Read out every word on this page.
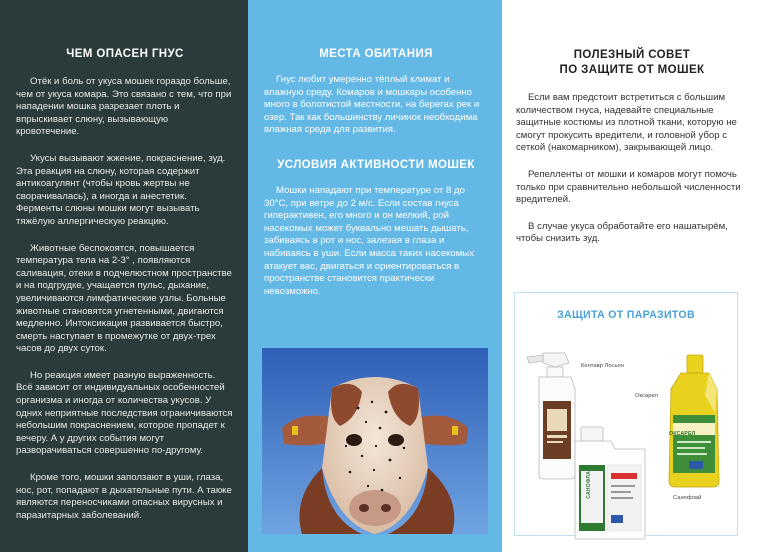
ЧЕМ ОПАСЕН ГНУС

Отёк и боль от укуса мошек гораздо больше, чем от укуса комара. Это связано с тем, что при нападении мошка разрезает плоть и впрыскивает слюну, вызывающую кровотечение.

Укусы вызывают жжение, покраснение, зуд. Эта реакция на слюну, которая содержит антикоагулянт (чтобы кровь жертвы не сворачивалась), а иногда и анестетик. Ферменты слюны мошки могут вызывать тяжёлую аллергическую реакцию.

Животные беспокоятся, повышается температура тела на 2-3° , появляются саливация, отеки в подчелюстном пространстве и на подгрудке, учащается пульс, дыхание, увеличиваются лимфатические узлы. Больные животные становятся угнетенными, двигаются медленно. Интоксикация развивается быстро, смерть наступает в промежутке от двух-трех часов до двух суток.

Но реакция имеет разную выраженность. Всё зависит от индивидуальных особенностей организма и иногда от количества укусов. У одних неприятные последствия ограничиваются небольшим покраснением, которое пропадет к вечеру. А у других события могут разворачиваться совершенно по-другому.

Кроме того, мошки заползают в уши, глаза, нос, рот, попадают в дыхательные пути. А также являются переносчиками опасных вирусных и паразитарных заболеваний.

МЕСТА ОБИТАНИЯ

Гнус любит умеренно тёплый климат и влажную среду. Комаров и мошкары особенно много в болотистой местности, на берегах рек и озер. Так как большинству личинок необходима влажная среда для развития.

УСЛОВИЯ АКТИВНОСТИ МОШЕК

Мошки нападают при температуре от 8 до 30°С, при ветре до 2 м/с. Если состав гнуса гиперактивен, его много и он мелкий, рой насекомых может буквально мешать дышать, забиваясь в рот и нос, залезая в глаза и набиваясь в уши. Если масса таких насекомых атакует вас, двигаться и ориентироваться в пространстве становится практически невозможно.

ПОЛЕЗНЫЙ СОВЕТ
ПО ЗАЩИТЕ ОТ МОШЕК

Если вам предстоит встретиться с большим количеством гнуса, надевайте специальные защитные костюмы из плотной ткани, которую не смогут прокусить вредители, и головной убор с сеткой (накомарником), закрывающей лицо.

Репелленты от мошки и комаров могут помочь только при сравнительно небольшой численности вредителей.

В случае укуса обработайте его нашатырём, чтобы снизить зуд.

ЗАЩИТА ОТ ПАРАЗИТОВ
Кентавр Лосьон
ОКСАРЕЛ
Оксарел
САНОФЛАЙ	Санофлай
